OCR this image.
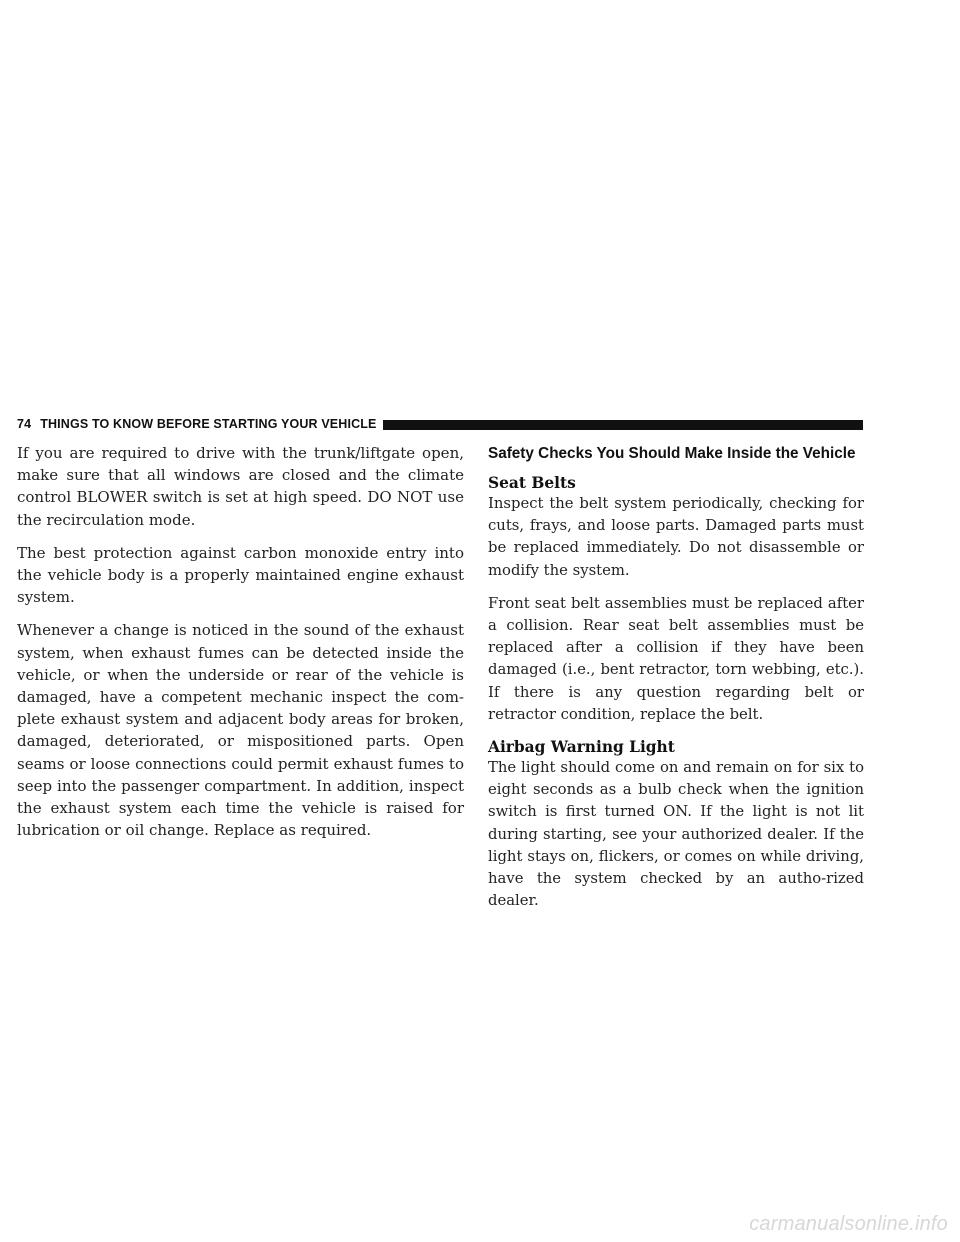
74 THINGS TO KNOW BEFORE STARTING YOUR VEHICLE

If you are required to drive with the trunk/liftgate open, make sure that all windows are closed and the climate control BLOWER switch is set at high speed. DO NOT use the recirculation mode.

The best protection against carbon monoxide entry into the vehicle body is a properly maintained engine exhaust system.

Whenever a change is noticed in the sound of the exhaust system, when exhaust fumes can be detected inside the vehicle, or when the underside or rear of the vehicle is damaged, have a competent mechanic inspect the com-plete exhaust system and adjacent body areas for broken, damaged, deteriorated, or mispositioned parts. Open seams or loose connections could permit exhaust fumes to seep into the passenger compartment. In addition, inspect the exhaust system each time the vehicle is raised for lubrication or oil change. Replace as required.

Safety Checks You Should Make Inside the Vehicle
Seat Belts

Inspect the belt system periodically, checking for cuts, frays, and loose parts. Damaged parts must be replaced immediately. Do not disassemble or modify the system.

Front seat belt assemblies must be replaced after a collision. Rear seat belt assemblies must be replaced after a collision if they have been damaged (i.e., bent retractor, torn webbing, etc.). If there is any question regarding belt or retractor condition, replace the belt.

Airbag Warning Light

The light should come on and remain on for six to eight seconds as a bulb check when the ignition switch is first turned ON. If the light is not lit during starting, see your authorized dealer. If the light stays on, flickers, or comes on while driving, have the system checked by an autho-rized dealer.

carmanualsonline.info
